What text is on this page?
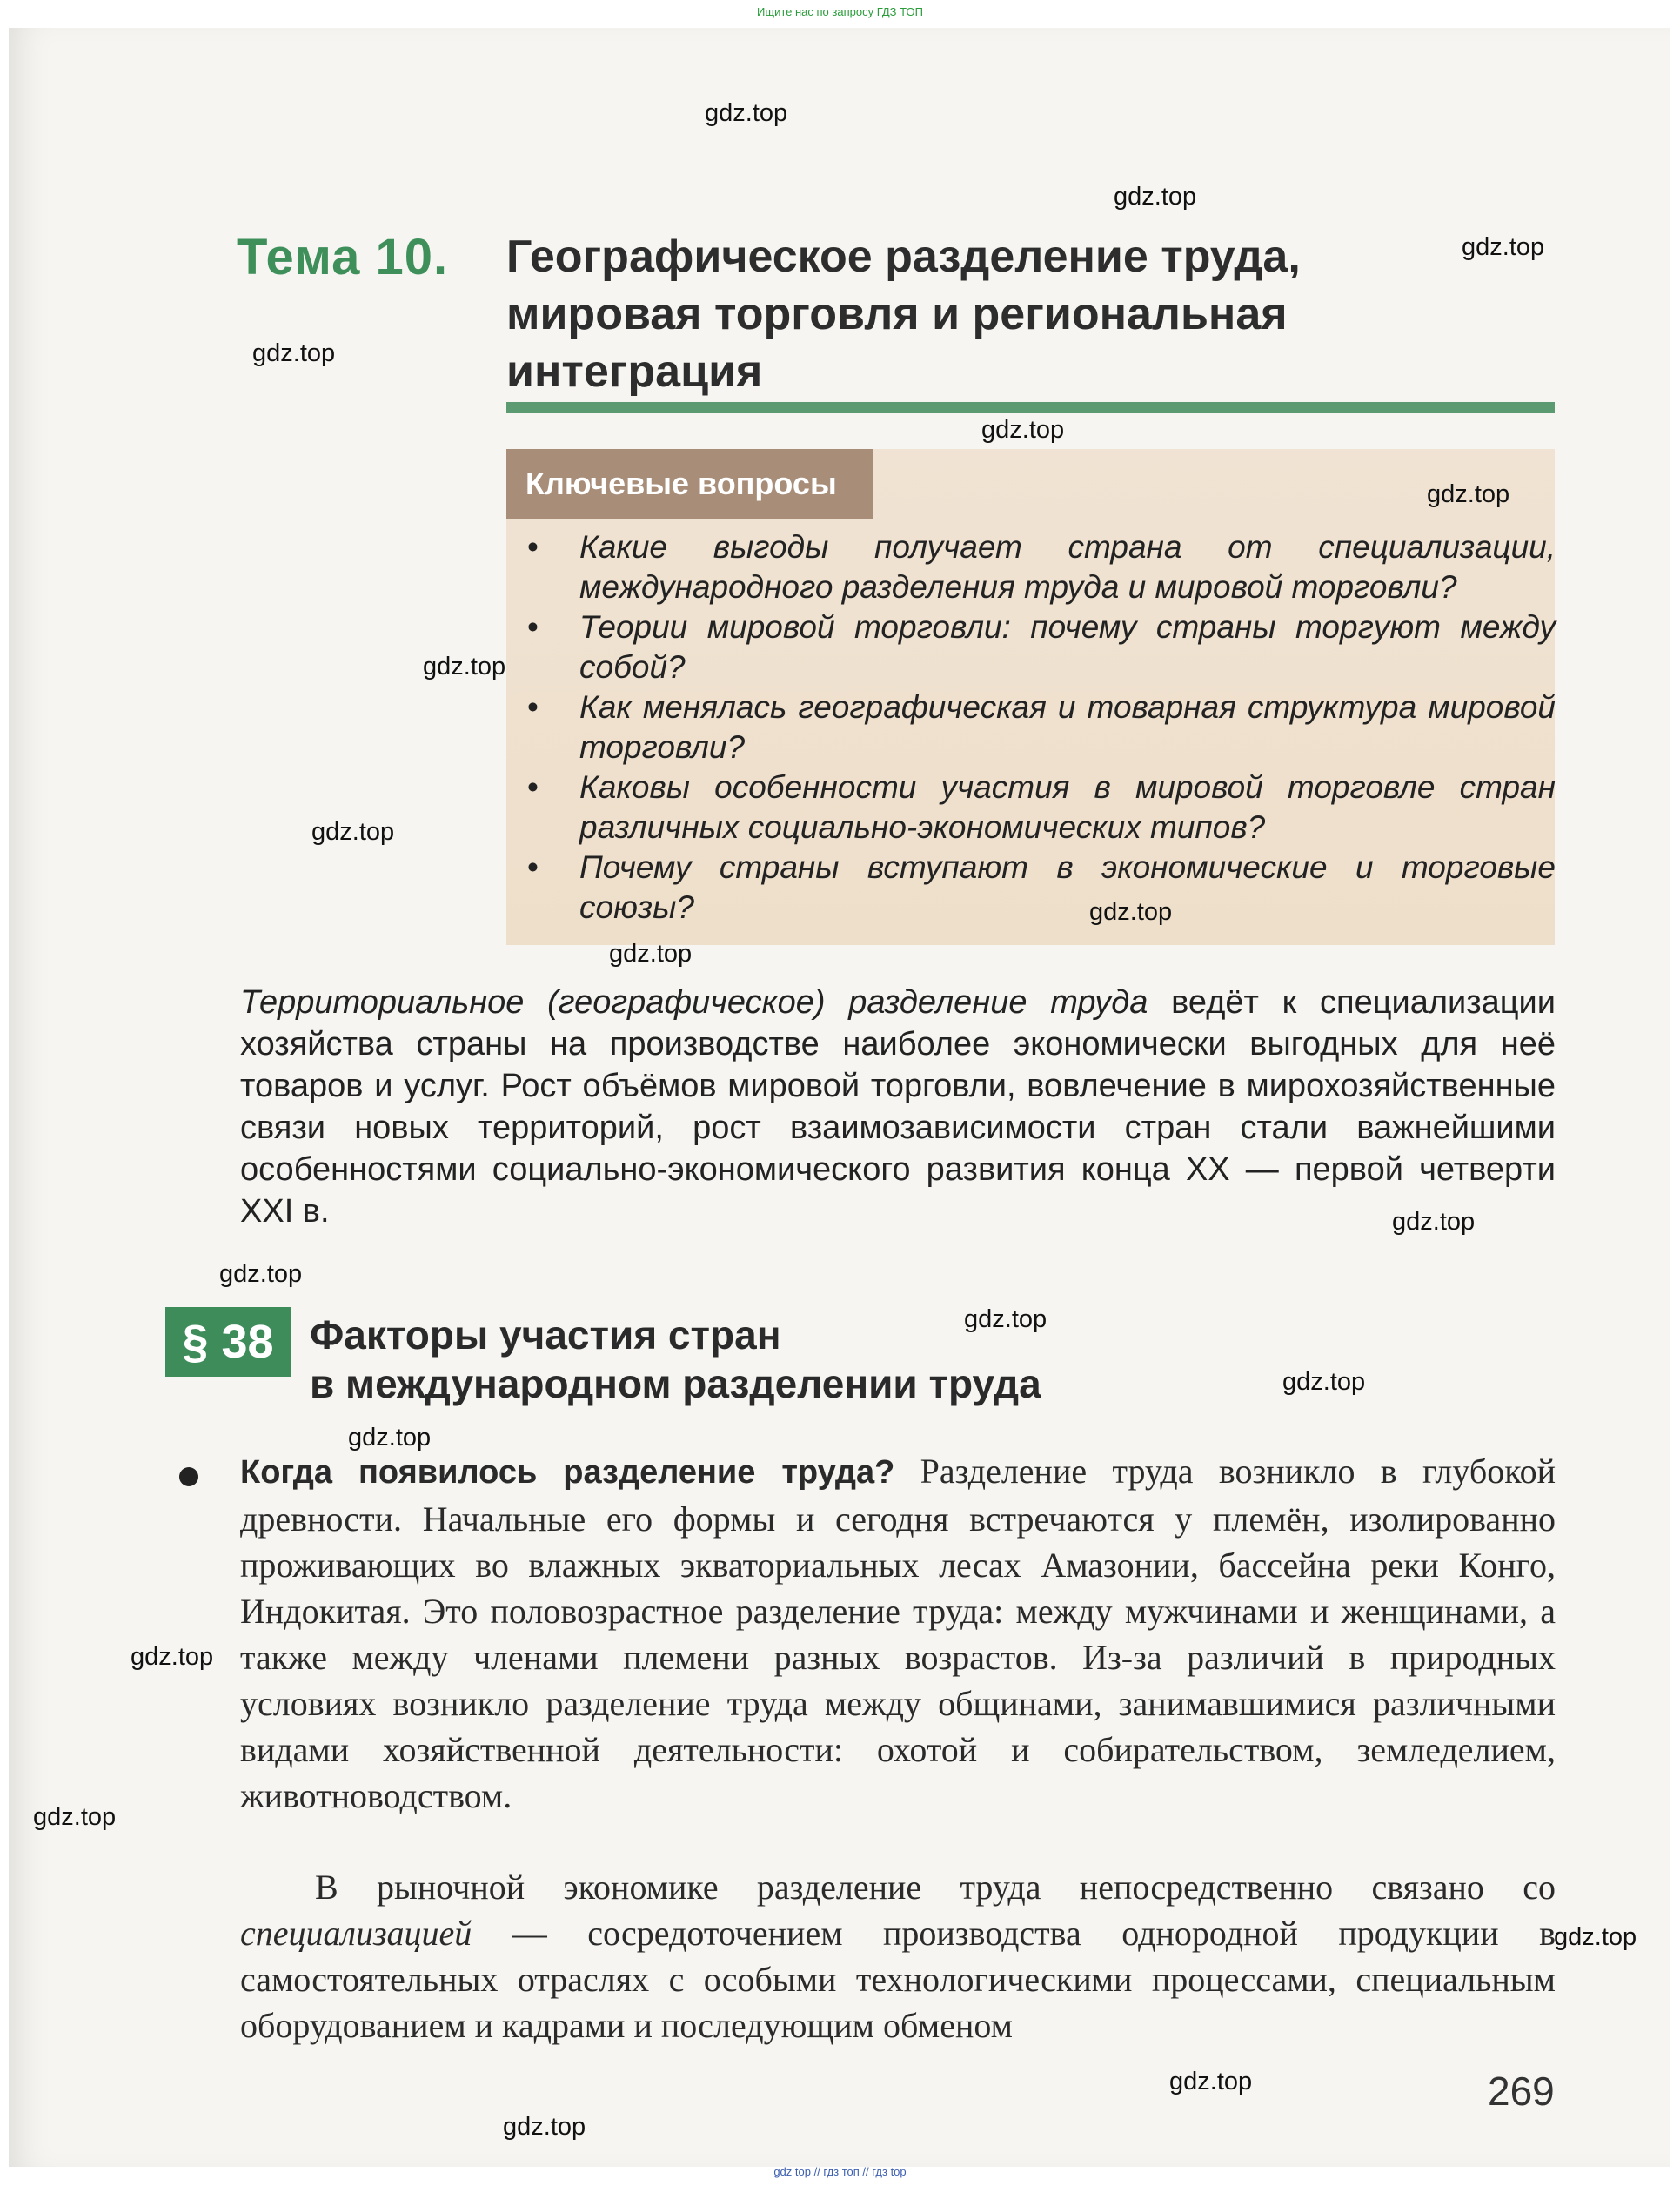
Ищите нас по запросу ГДЗ ТОП
Тема 10. Географическое разделение труда,
мировая торговля и региональная
интеграция
Ключевые вопросы
• Какие выгоды получает страна от специализации, международного разделения труда и мировой торговли?
• Теории мировой торговли: почему страны торгуют между собой?
• Как менялась географическая и товарная структура мировой торговли?
• Каковы особенности участия в мировой торговле стран различных социально-экономических типов?
• Почему страны вступают в экономические и торговые союзы?
Территориальное (географическое) разделение труда ведёт к специализации хозяйства страны на производстве наиболее экономически выгодных для неё товаров и услуг. Рост объёмов мировой торговли, вовлечение в мирохозяйственные связи новых территорий, рост взаимозависимости стран стали важнейшими особенностями социально-экономического развития конца XX — первой четверти XXI в.
§ 38 Факторы участия стран
в международном разделении труда
Когда появилось разделение труда? Разделение труда возникло в глубокой древности. Начальные его формы и сегодня встречаются у племён, изолированно проживающих во влажных экваториальных лесах Амазонии, бассейна реки Конго, Индокитая. Это половозрастное разделение труда: между мужчинами и женщинами, а также между членами племени разных возрастов. Из-за различий в природных условиях возникло разделение труда между общинами, занимавшимися различными видами хозяйственной деятельности: охотой и собирательством, земледелием, животноводством.
В рыночной экономике разделение труда непосредственно связано со специализацией — сосредоточением производства однородной продукции в самостоятельных отраслях с особыми технологическими процессами, специальным оборудованием и кадрами и последующим обменом
269
gdz.top
gdz.top
gdz.top
gdz.top
gdz.top
gdz.top
gdz.top
gdz.top
gdz.top
gdz.top
gdz.top
gdz.top
gdz.top
gdz.top
gdz.top
gdz.top
gdz.top
gdz.top
gdz.top
gdz.top
gdz top // гдз топ // гдз top
